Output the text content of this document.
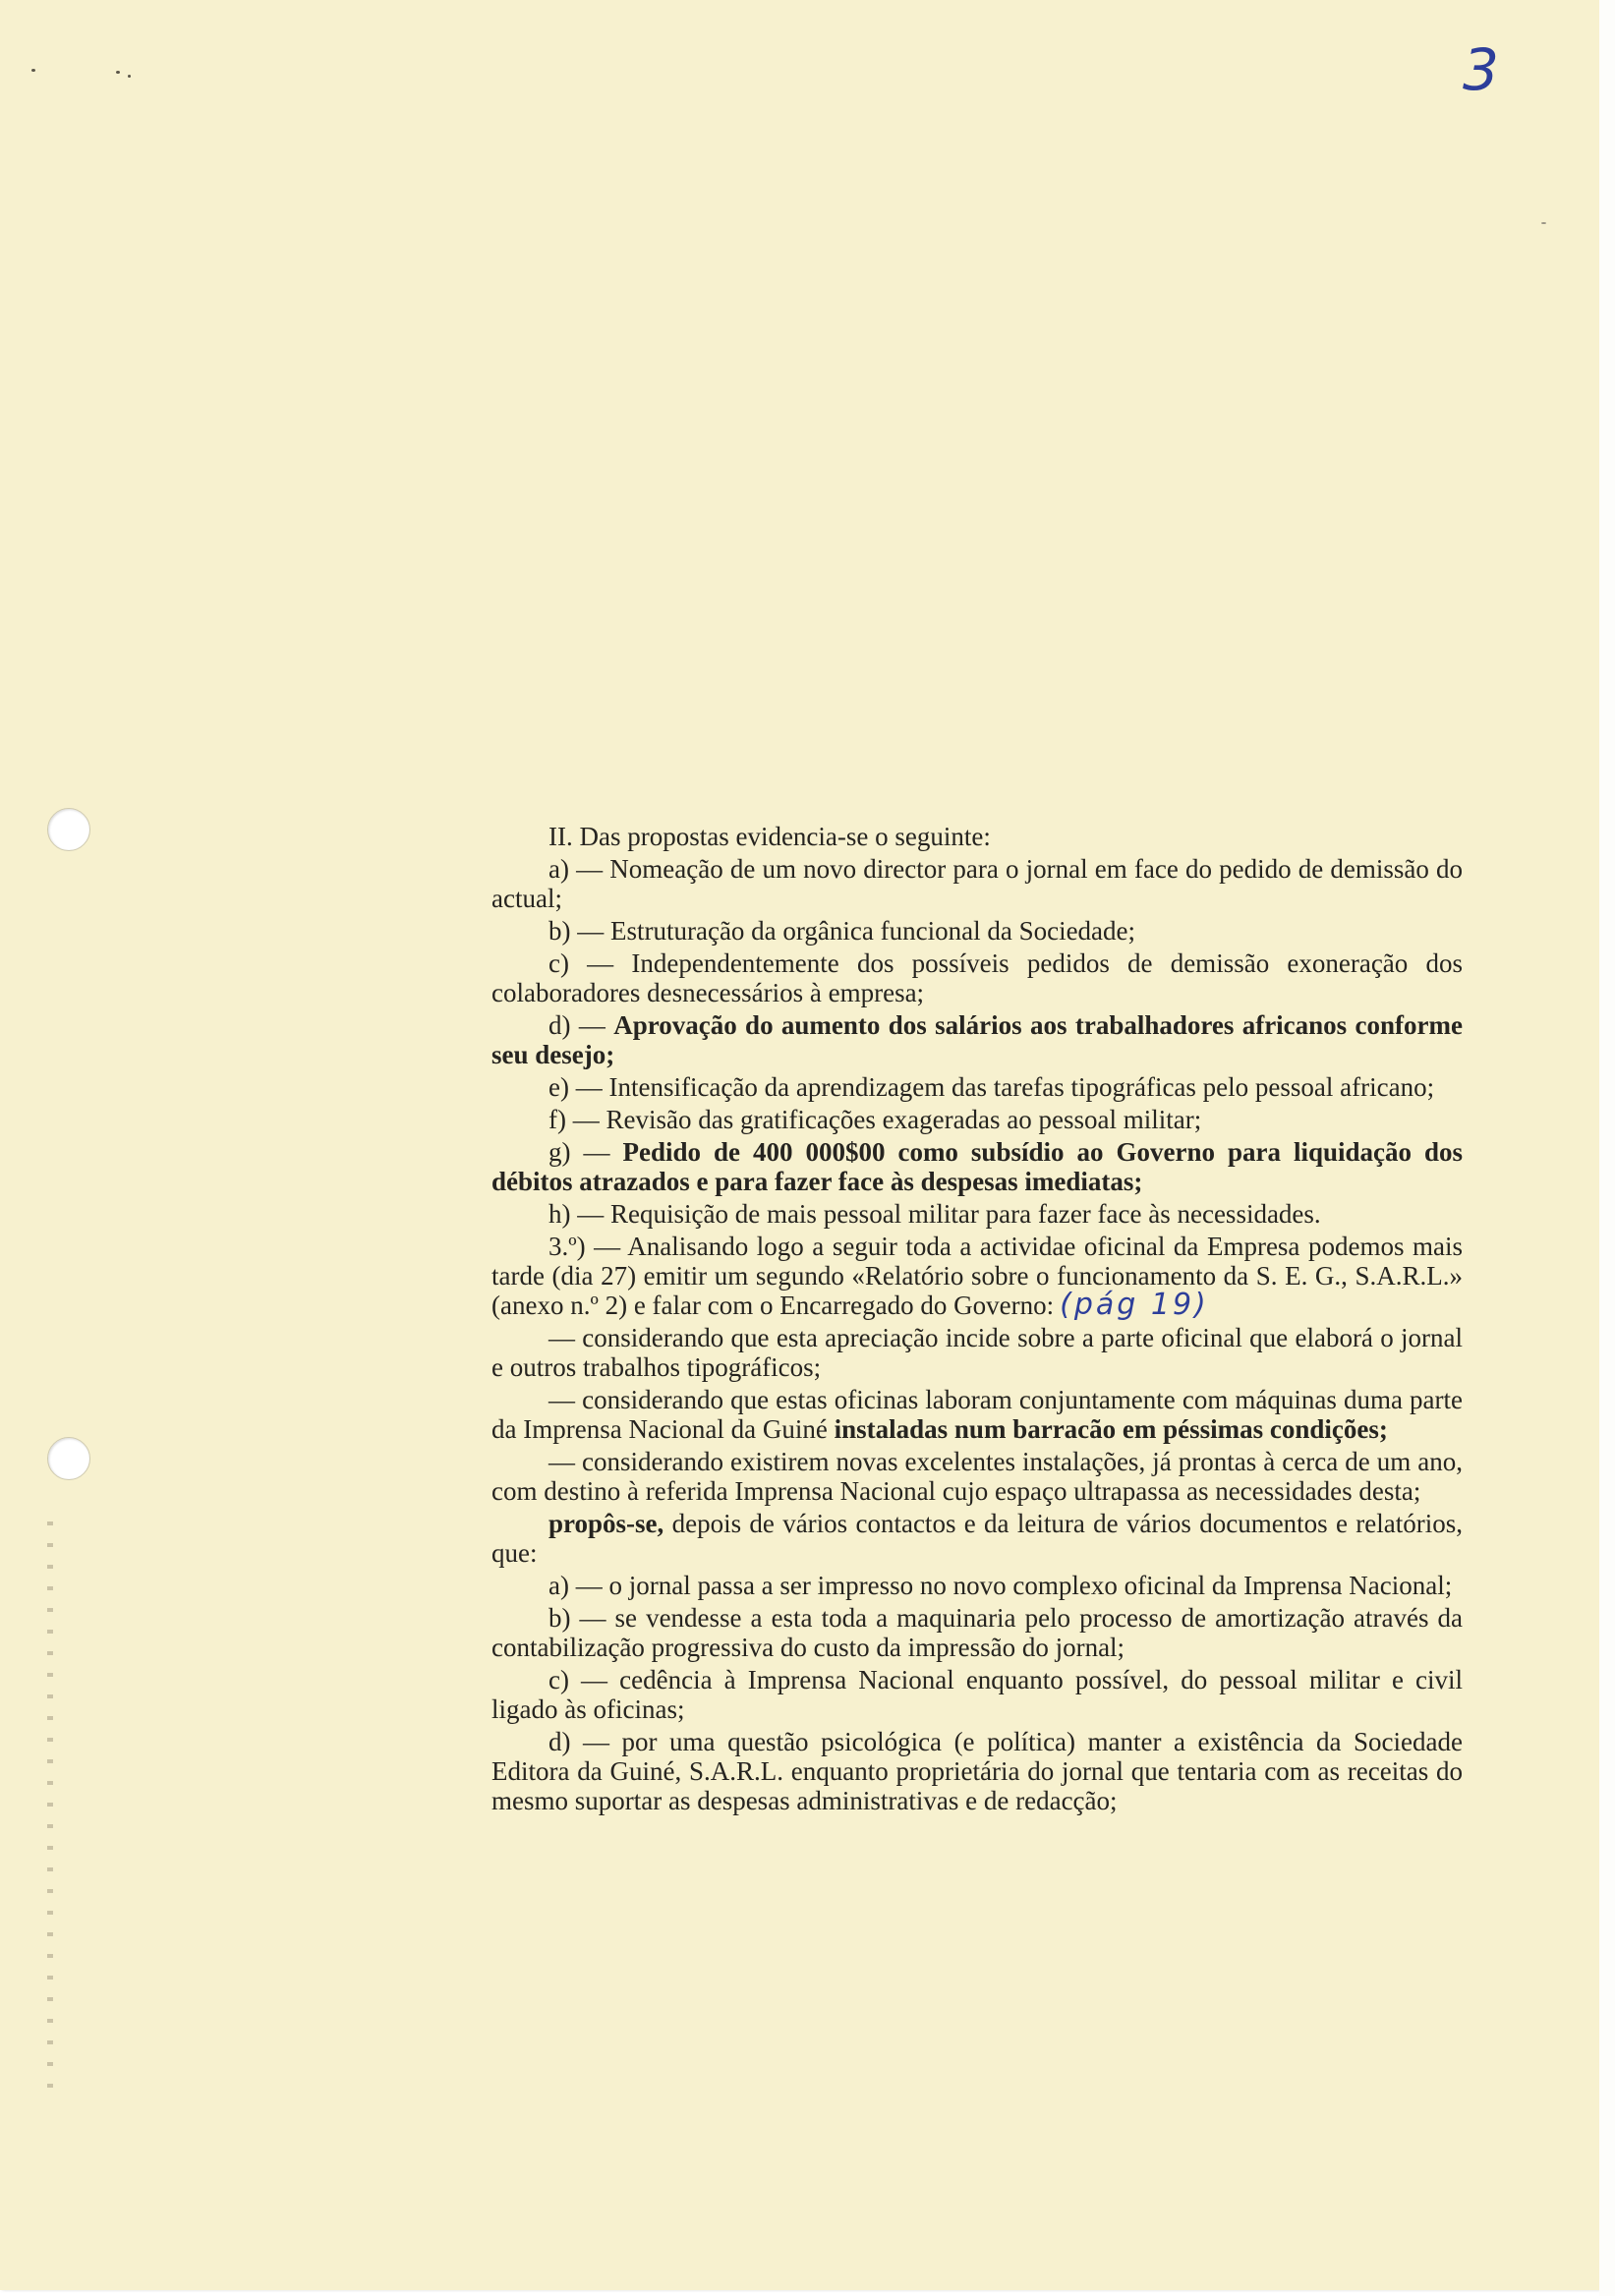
3

II. Das propostas evidencia-se o seguinte:

a) — Nomeação de um novo director para o jornal em face do pedido de demissão do actual;

b) — Estruturação da orgânica funcional da Sociedade;

c) — Independentemente dos possíveis pedidos de demissão exoneração dos colaboradores desnecessários à empresa;

d) — Aprovação do aumento dos salários aos trabalhadores africanos conforme seu desejo;

e) — Intensificação da aprendizagem das tarefas tipográficas pelo pessoal africano;

f) — Revisão das gratificações exageradas ao pessoal militar;

g) — Pedido de 400 000$00 como subsídio ao Governo para liquidação dos débitos atrazados e para fazer face às despesas imediatas;

h) — Requisição de mais pessoal militar para fazer face às necessidades.

3.º) — Analisando logo a seguir toda a actividae oficinal da Empresa podemos mais tarde (dia 27) emitir um segundo «Relatório sobre o funcionamento da S. E. G., S.A.R.L.» (anexo n.º 2) e falar com o Encarregado do Governo: (pág 19)

— considerando que esta apreciação incide sobre a parte oficinal que elaborá o jornal e outros trabalhos tipográficos;

— considerando que estas oficinas laboram conjuntamente com máquinas duma parte da Imprensa Nacional da Guiné instaladas num barracão em péssimas condições;

— considerando existirem novas excelentes instalações, já prontas à cerca de um ano, com destino à referida Imprensa Nacional cujo espaço ultrapassa as necessidades desta;

propôs-se, depois de vários contactos e da leitura de vários documentos e relatórios, que:

a) — o jornal passa a ser impresso no novo complexo oficinal da Imprensa Nacional;

b) — se vendesse a esta toda a maquinaria pelo processo de amortização através da contabilização progressiva do custo da impressão do jornal;

c) — cedência à Imprensa Nacional enquanto possível, do pessoal militar e civil ligado às oficinas;

d) — por uma questão psicológica (e política) manter a existência da Sociedade Editora da Guiné, S.A.R.L. enquanto proprietária do jornal que tentaria com as receitas do mesmo suportar as despesas administrativas e de redacção;
